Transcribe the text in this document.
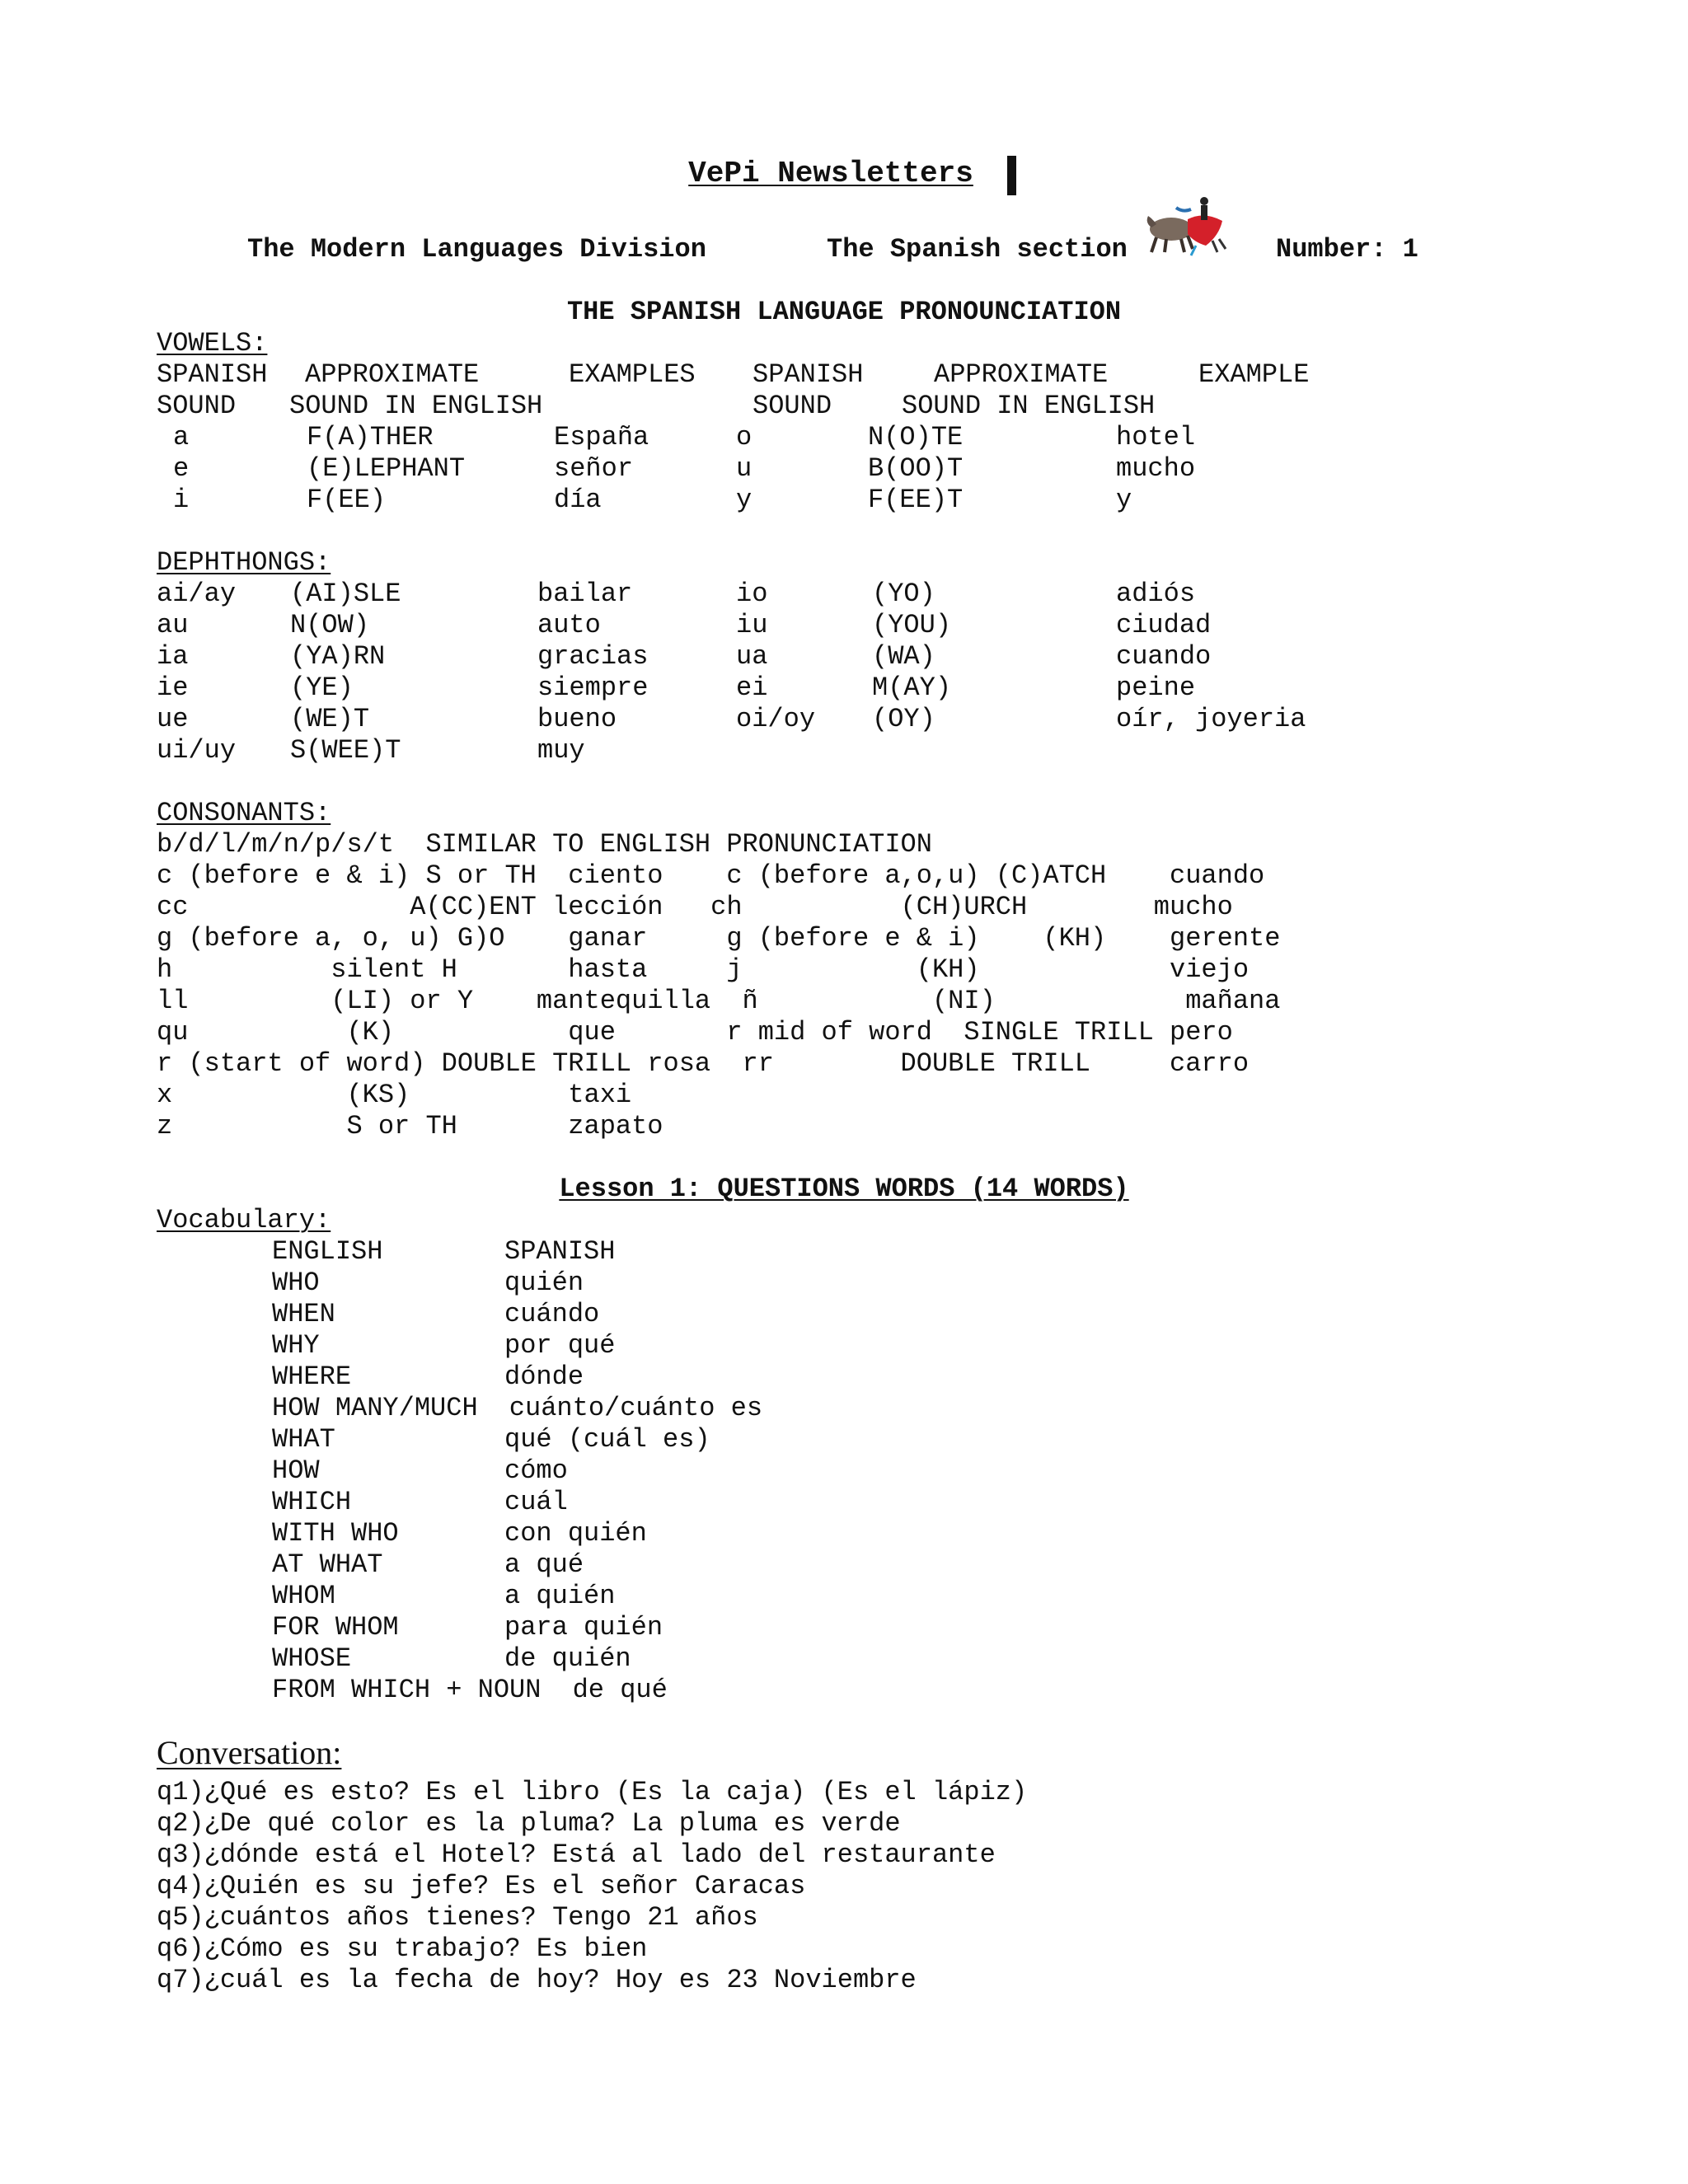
VePi Newsletters
The Modern Languages Division	The Spanish section	Number: 1
THE SPANISH LANGUAGE PRONOUNCIATION
VOWELS:
SPANISH APPROXIMATE	EXAMPLES SPANISH	APPROXIMATE	EXAMPLE
SOUND SOUND IN ENGLISH	SOUND	SOUND IN ENGLISH
a	F(A)THER	España	o	N(O)TE	hotel
e	(E)LEPHANT	señor	u	B(OO)T	mucho
i	F(EE)	día	y	F(EE)T	y
DEPHTHONGS:
ai/ay (AI)SLE	bailar	io	(YO)	adiós
au	N(OW)	auto	iu	(YOU)	ciudad
ia	(YA)RN	gracias	ua	(WA)	cuando
ie	(YE)	siempre	ei	M(AY)	peine
ue	(WE)T	bueno	oi/oy (OY)	oír, joyeria
ui/uy S(WEE)T	muy
CONSONANTS:
b/d/l/m/n/p/s/t  SIMILAR TO ENGLISH PRONUNCIATION
c (before e & i) S or TH  ciento    c (before a,o,u) (C)ATCH    cuando
cc              A(CC)ENT lección   ch          (CH)URCH        mucho
g (before a, o, u) G)O    ganar     g (before e & i)    (KH)    gerente
h          silent H       hasta     j           (KH)            viejo
ll         (LI) or Y    mantequilla  ñ           (NI)            mañana
qu          (K)           que       r mid of word  SINGLE TRILL pero
r (start of word) DOUBLE TRILL rosa  rr        DOUBLE TRILL     carro
x           (KS)          taxi
z           S or TH       zapato
Lesson 1: QUESTIONS WORDS (14 WORDS)
Vocabulary:
ENGLISH	SPANISH
WHO	quién
WHEN	cuándo
WHY	por qué
WHERE	dónde
HOW MANY/MUCH cuánto/cuánto es
WHAT	qué (cuál es)
HOW	cómo
WHICH	cuál
WITH WHO	con quién
AT WHAT	a qué
WHOM	a quién
FOR WHOM	para quién
WHOSE	de quién
FROM WHICH + NOUN de qué
Conversation:
q1)¿Qué es esto? Es el libro (Es la caja) (Es el lápiz)
q2)¿De qué color es la pluma? La pluma es verde
q3)¿dónde está el Hotel? Está al lado del restaurante
q4)¿Quién es su jefe? Es el señor Caracas
q5)¿cuántos años tienes? Tengo 21 años
q6)¿Cómo es su trabajo? Es bien
q7)¿cuál es la fecha de hoy? Hoy es 23 Noviembre
